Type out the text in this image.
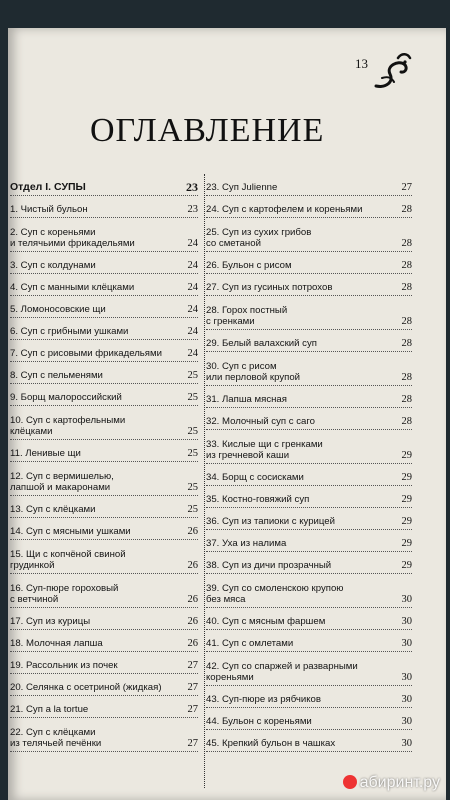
13
ОГЛАВЛЕНИЕ
Отдел I. СУПЫ	23
1. Чистый бульон	23
2. Суп с кореньями
и телячьими фрикадельями	24
3. Суп с колдунами	24
4. Суп с манными клёцками	24
5. Ломоносовские щи	24
6. Суп с грибными ушками	24
7. Суп с рисовыми фрикадельями	24
8. Суп с пельменями	25
9. Борщ малороссийский	25
10. Суп с картофельными
клёцками	25
11. Ленивые щи	25
12. Суп с вермишелью,
лапшой и макаронами	25
13. Суп с клёцками	25
14. Суп с мясными ушками	26
15. Щи с копчёной свиной
грудинкой	26
16. Суп-пюре гороховый
с ветчиной	26
17. Суп из курицы	26
18. Молочная лапша	26
19. Рассольник из почек	27
20. Селянка с осетриной (жидкая)	27
21. Суп a la tortue	27
22. Суп с клёцками
из телячьей печёнки	27
23. Суп Julienne	27
24. Суп с картофелем и кореньями	28
25. Суп из сухих грибов
со сметаной	28
26. Бульон с рисом	28
27. Суп из гусиных потрохов	28
28. Горох постный
с гренками	28
29. Белый валахский суп	28
30. Суп с рисом
или перловой крупой	28
31. Лапша мясная	28
32. Молочный суп с саго	28
33. Кислые щи с гренками
из гречневой каши	29
34. Борщ с сосисками	29
35. Костно-говяжий суп	29
36. Суп из тапиоки с курицей	29
37. Уха из налима	29
38. Суп из дичи прозрачный	29
39. Суп со смоленскою крупою
без мяса	30
40. Суп с мясным фаршем	30
41. Суп с омлетами	30
42. Суп со спаржей и разварными
кореньями	30
43. Суп-пюре из рябчиков	30
44. Бульон с кореньями	30
45. Крепкий бульон в чашках	30
абиринт.ру
